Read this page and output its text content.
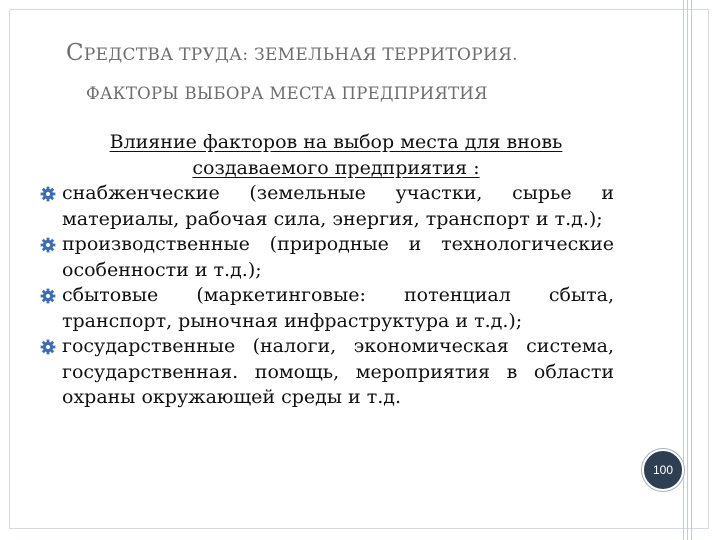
СРЕДСТВА ТРУДА: ЗЕМЕЛЬНАЯ ТЕРРИТОРИЯ.
ФАКТОРЫ ВЫБОРА МЕСТА ПРЕДПРИЯТИЯ
Влияние факторов на выбор места для вновь создаваемого предприятия :
снабженческие (земельные участки, сырье и материалы, рабочая сила, энергия, транспорт и т.д.);
производственные (природные и технологические особенности и т.д.);
сбытовые (маркетинговые: потенциал сбыта, транспорт, рыночная инфраструктура и т.д.);
государственные (налоги, экономическая система, государственная. помощь, мероприятия в области охраны окружающей среды и т.д.
100
